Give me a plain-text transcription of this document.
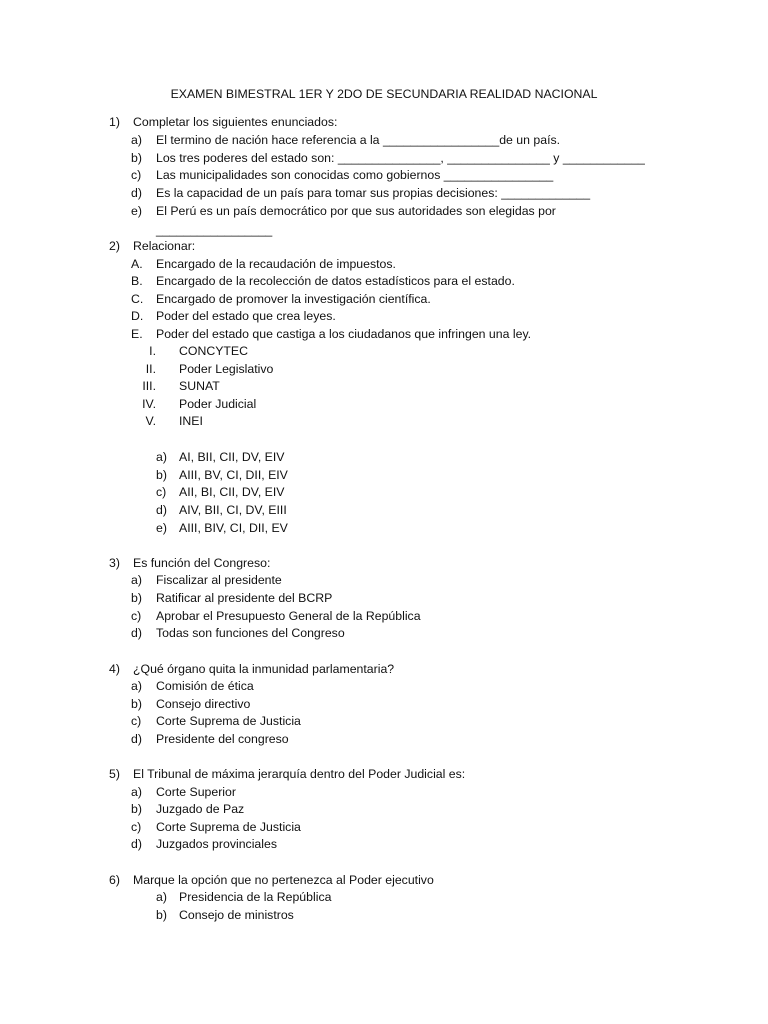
EXAMEN BIMESTRAL 1ER Y 2DO DE SECUNDARIA REALIDAD NACIONAL
1) Completar los siguientes enunciados:
a) El termino de nación hace referencia a la _________________de un país.
b) Los tres poderes del estado son: _______________, _______________ y ____________
c) Las municipalidades son conocidas como gobiernos ________________
d) Es la capacidad de un país para tomar sus propias decisiones: _____________
e) El Perú es un país democrático por que sus autoridades son elegidas por
_________________
2) Relacionar:
A. Encargado de la recaudación de impuestos.
B. Encargado de la recolección de datos estadísticos para el estado.
C. Encargado de promover la investigación científica.
D. Poder del estado que crea leyes.
E. Poder del estado que castiga a los ciudadanos que infringen una ley.
I. CONCYTEC
II. Poder Legislativo
III. SUNAT
IV. Poder Judicial
V. INEI
a) AI, BII, CII, DV, EIV
b) AIII, BV, CI, DII, EIV
c) AII, BI, CII, DV, EIV
d) AIV, BII, CI, DV, EIII
e) AIII, BIV, CI, DII, EV
3) Es función del Congreso:
a) Fiscalizar al presidente
b) Ratificar al presidente del BCRP
c) Aprobar el Presupuesto General de la República
d) Todas son funciones del Congreso
4) ¿Qué órgano quita la inmunidad parlamentaria?
a) Comisión de ética
b) Consejo directivo
c) Corte Suprema de Justicia
d) Presidente del congreso
5) El Tribunal de máxima jerarquía dentro del Poder Judicial es:
a) Corte Superior
b) Juzgado de Paz
c) Corte Suprema de Justicia
d) Juzgados provinciales
6) Marque la opción que no pertenezca al Poder ejecutivo
a) Presidencia de la República
b) Consejo de ministros
